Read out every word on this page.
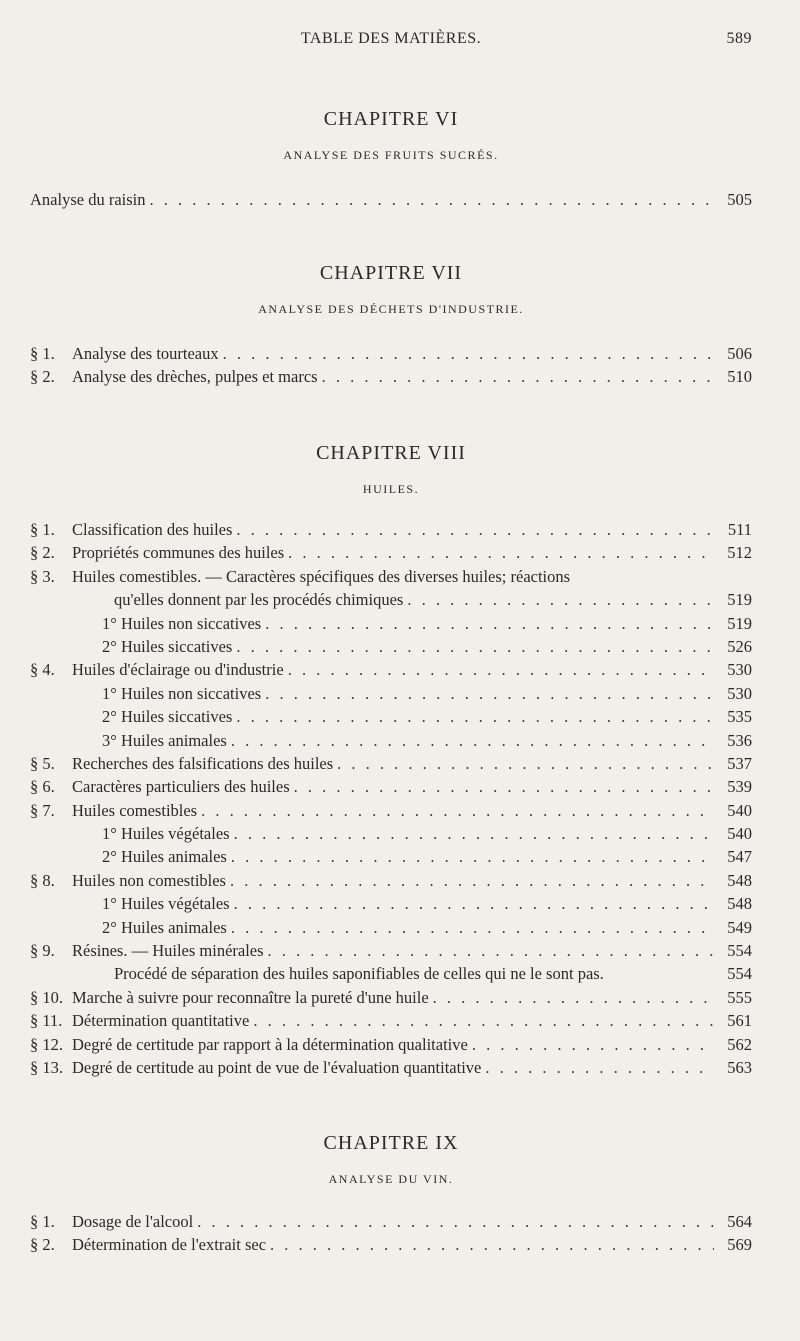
TABLE DES MATIÈRES.	589
CHAPITRE VI
ANALYSE DES FRUITS SUCRÉS.
Analyse du raisin . . .	505
CHAPITRE VII
ANALYSE DES DÉCHETS D'INDUSTRIE.
§ 1.	Analyse des tourteaux . . .	506
§ 2.	Analyse des drèches, pulpes et marcs . . .	510
CHAPITRE VIII
HUILES.
§ 1.	Classification des huiles . . .	511
§ 2.	Propriétés communes des huiles . . .	512
§ 3.	Huiles comestibles. — Caractères spécifiques des diverses huiles; réactions
qu'elles donnent par les procédés chimiques . . .	519
1° Huiles non siccatives . . .	519
2° Huiles siccatives . . .	526
§ 4.	Huiles d'éclairage ou d'industrie . . .	530
1° Huiles non siccatives . . .	530
2° Huiles siccatives . . .	535
3° Huiles animales . . .	536
§ 5.	Recherches des falsifications des huiles . . .	537
§ 6.	Caractères particuliers des huiles . . .	539
§ 7.	Huiles comestibles . . .	540
1° Huiles végétales . . .	540
2° Huiles animales . . .	547
§ 8.	Huiles non comestibles . . .	548
1° Huiles végétales . . .	548
2° Huiles animales . . .	549
§ 9.	Résines. — Huiles minérales . . .	554
Procédé de séparation des huiles saponifiables de celles qui ne le sont pas.	554
§ 10. Marche à suivre pour reconnaître la pureté d'une huile . . .	555
§ 11. Détermination quantitative . . .	561
§ 12. Degré de certitude par rapport à la détermination qualitative . . .	562
§ 13. Degré de certitude au point de vue de l'évaluation quantitative . . .	563
CHAPITRE IX
ANALYSE DU VIN.
§ 1.	Dosage de l'alcool . . .	564
§ 2.	Détermination de l'extrait sec . . .	569
